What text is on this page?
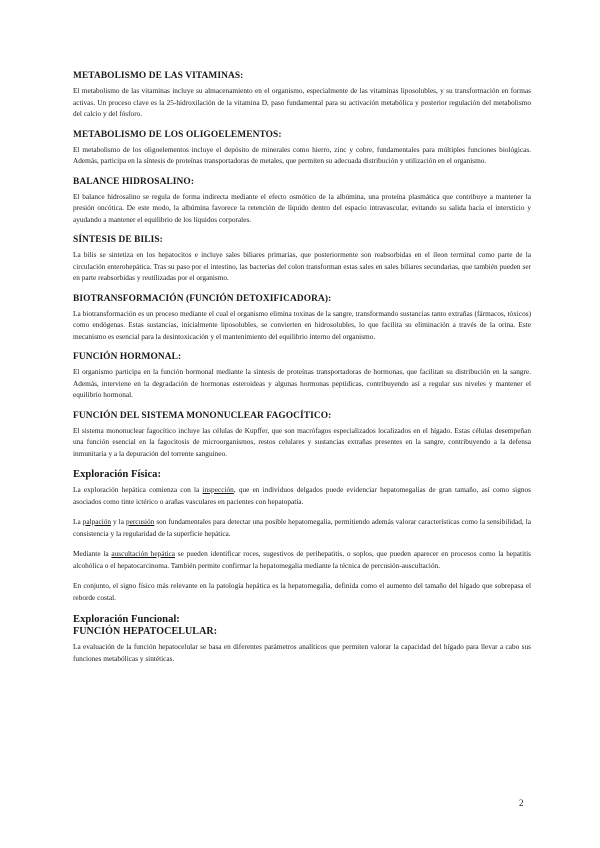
METABOLISMO DE LAS VITAMINAS:

El metabolismo de las vitaminas incluye su almacenamiento en el organismo, especialmente de las vitaminas liposolubles, y su transformación en formas activas. Un proceso clave es la 25-hidroxilación de la vitamina D, paso fundamental para su activación metabólica y posterior regulación del metabolismo del calcio y del fósforo.

METABOLISMO DE LOS OLIGOELEMENTOS:

El metabolismo de los oligoelementos incluye el depósito de minerales como hierro, zinc y cobre, fundamentales para múltiples funciones biológicas. Además, participa en la síntesis de proteínas transportadoras de metales, que permiten su adecuada distribución y utilización en el organismo.

BALANCE HIDROSALINO:

El balance hidrosalino se regula de forma indirecta mediante el efecto osmótico de la albúmina, una proteína plasmática que contribuye a mantener la presión oncótica. De este modo, la albúmina favorece la retención de líquido dentro del espacio intravascular, evitando su salida hacia el intersticio y ayudando a mantener el equilibrio de los líquidos corporales.

SÍNTESIS DE BILIS:

La bilis se sintetiza en los hepatocitos e incluye sales biliares primarias, que posteriormente son reabsorbidas en el íleon terminal como parte de la circulación enterohepática. Tras su paso por el intestino, las bacterias del colon transforman estas sales en sales biliares secundarias, que también pueden ser en parte reabsorbidas y reutilizadas por el organismo.

BIOTRANSFORMACIÓN (FUNCIÓN DETOXIFICADORA):

La biotransformación es un proceso mediante el cual el organismo elimina toxinas de la sangre, transformando sustancias tanto extrañas (fármacos, tóxicos) como endógenas. Estas sustancias, inicialmente liposolubles, se convierten en hidrosolubles, lo que facilita su eliminación a través de la orina. Este mecanismo es esencial para la desintoxicación y el mantenimiento del equilibrio interno del organismo.

FUNCIÓN HORMONAL:

El organismo participa en la función hormonal mediante la síntesis de proteínas transportadoras de hormonas, que facilitan su distribución en la sangre. Además, interviene en la degradación de hormonas esteroideas y algunas hormonas peptídicas, contribuyendo así a regular sus niveles y mantener el equilibrio hormonal.

FUNCIÓN DEL SISTEMA MONONUCLEAR FAGOCÍTICO:

El sistema mononuclear fagocítico incluye las células de Kupffer, que son macrófagos especializados localizados en el hígado. Estas células desempeñan una función esencial en la fagocitosis de microorganismos, restos celulares y sustancias extrañas presentes en la sangre, contribuyendo a la defensa inmunitaria y a la depuración del torrente sanguíneo.

Exploración Física:

La exploración hepática comienza con la inspección, que en individuos delgados puede evidenciar hepatomegalias de gran tamaño, así como signos asociados como tinte ictérico o arañas vasculares en pacientes con hepatopatía.

La palpación y la percusión son fundamentales para detectar una posible hepatomegalia, permitiendo además valorar características como la sensibilidad, la consistencia y la regularidad de la superficie hepática.

Mediante la auscultación hepática se pueden identificar roces, sugestivos de perihepatitis, o soplos, que pueden aparecer en procesos como la hepatitis alcohólica o el hepatocarcinoma. También permite confirmar la hepatomegalia mediante la técnica de percusión-auscultación.

En conjunto, el signo físico más relevante en la patología hepática es la hepatomegalia, definida como el aumento del tamaño del hígado que sobrepasa el reborde costal.

Exploración Funcional:
FUNCIÓN HEPATOCELULAR:

La evaluación de la función hepatocelular se basa en diferentes parámetros analíticos que permiten valorar la capacidad del hígado para llevar a cabo sus funciones metabólicas y sintéticas.

2
